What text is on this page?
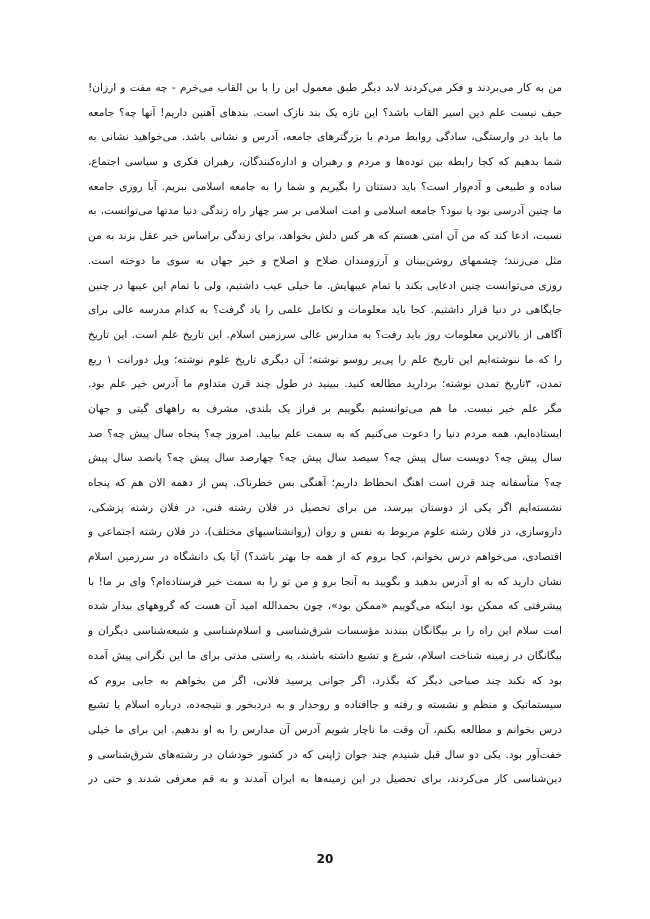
من به کار می‌بردند و فکر می‌کردند لابد دیگر طبق معمول این را با بن القاب می‌خرم - چه مفت و ارزان!
حیف نیست علم دین اسیر القاب باشد؟ این تازه یک بند نازک است. بندهای آهنین داریم! آنها چه؟ جامعه
ما باید در وارستگی، سادگی روابط مردم با بزرگترهای جامعه، آدرس و نشانی باشد. می‌خواهید نشانی به
شما بدهیم که کجا رابطه بین توده‌ها و مردم و رهبران و اداره‌کنندگان، رهبران فکری و سیاسی اجتماع،
ساده و طبیعی و آدم‌وار است؟ باید دستتان را بگیریم و شما را به جامعه اسلامی ببریم. آیا روزی جامعه
ما چنین آدرسی بود یا نبود؟ جامعه اسلامی و امت اسلامی بر سر چهار راه زندگی دنیا مدتها می‌توانست، به
نسبت، ادعا کند که من آن امتی هستم که هر کس دلش بخواهد، برای زندگی براساس خیر عقل بزند به من
مثل می‌زنند؛ چشمهای روشن‌بینان و آرزومندان صلاح و اصلاح و خیر جهان به سوی ما دوخته است.
روزی می‌توانست چنین ادعایی بکند با تمام عیبهایش. ما خیلی عیب داشتیم، ولی با تمام این عیبها در چنین
جایگاهی در دنیا قرار داشتیم. کجا باید معلومات و تکامل علمی را یاد گرفت؟ به کدام مدرسه عالی برای
آگاهی از بالاترین معلومات روز باید رفت؟ به مدارس عالی سرزمین اسلام. این تاریخ علم است. این تاریخ
را که ما ننوشته‌ایم این تاریخ علم را پی‌یر روسو نوشته؛ آن دیگری تاریخ علوم نوشته؛ ویل دورانت ۱ ربع
تمدن، ۳تاریخ تمدن نوشته؛ بردارید مطالعه کنید. ببینید در طول چند قرن متداوم ما آدرس خیر علم بود.
مگر علم خیر نیست. ما هم می‌توانستیم بگوییم بر فراز یک بلندی، مشرف به راههای گیتی و جهان
ایستاده‌ایم، همه مردم دنیا را دعوت می‌کنیم که به سمت علم بیایید. امروز چه؟ پنجاه سال پیش چه؟ صد
سال پیش چه؟ دویست سال پیش چه؟ سیصد سال پیش چه؟ چهارصد سال پیش چه؟ پانصد سال پیش
چه؟ متأسفانه چند قرن است اهنگ انحطاط داریم؛ آهنگی بس خطرناک. پس از دهمه الان هم که پنجاه
نشسته‌ایم اگر یکی از دوستان بپرسد، من برای تحصیل در فلان رشته فنی، در فلان رشته پزشکی،
داروسازی، در فلان رشته علوم مربوط به نفس و روان (روانشناسیهای مختلف)، در فلان رشته اجتماعی و
اقتصادی، می‌خواهم درس بخوانم، کجا بروم که از همه جا بهتر باشد؟) آیا یک دانشگاه در سرزمین اسلام
نشان دارید که به او آدرس بدهید و بگویید به آنجا برو و من تو را به سمت خیر فرستاده‌ام؟ وای بر ما! با
پیشرفتی که ممکن بود اینکه می‌گوییم «ممکن بود»، چون بحمدالله امید آن هست که گروههای بیدار شده
امت سلام این راه را بر بیگانگان ببندند مؤسسات شرق‌شناسی و اسلام‌شناسی و شیعه‌شناسی دیگران و
بیگانگان در زمینه شناخت اسلام، شرع و تشیع داشته باشند، به راستی مدتی برای ما این نگرانی پیش آمده
بود که نکند چند صباحی دیگر که بگذرد، اگر جوانی پرسید فلانی، اگر من بخواهم به جایی بروم که
سیستماتیک و منظم و نشسته و رفته و جاافتاده و روحدار و به دردبخور و نتیجه‌ده، درباره اسلام یا تشیع
درس بخوانم و مطالعه بکنم، آن وقت ما ناچار شویم آدرس آن مدارس را به او بدهیم. این برای ما خیلی
خفت‌آور بود. یکی دو سال قبل شنیدم چند جوان ژاپنی که در کشور خودشان در رشته‌های شرق‌شناسی و
دین‌شناسی کار می‌کردند، برای تحصیل در این زمینه‌ها به ایران آمدند و به قم معرفی شدند و حتی در
20
